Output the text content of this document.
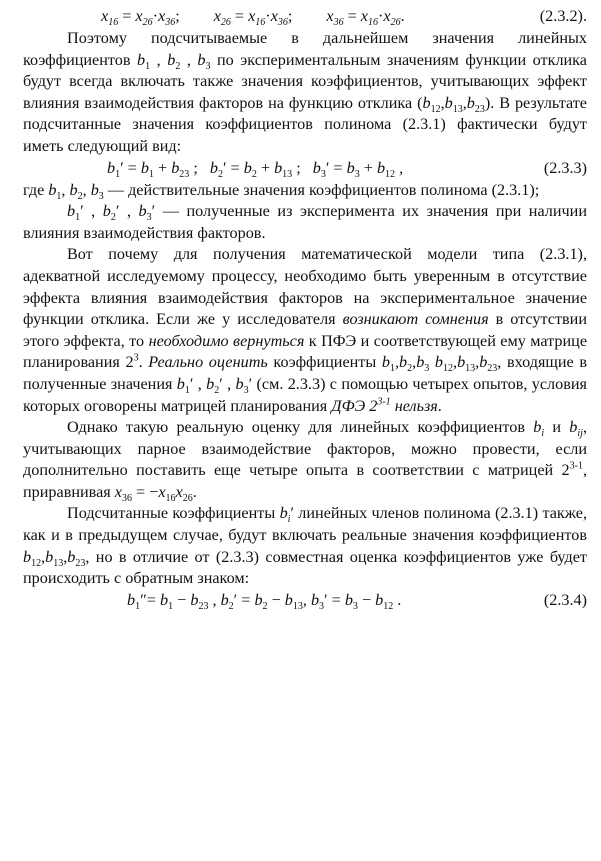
$x_{16} = x_{26}\cdot x_{36}$; $x_{26} = x_{16}\cdot x_{36}$; $x_{36} = x_{16}\cdot x_{26}$.	(2.3.2).

Поэтому подсчитываемые в дальнейшем значения линейных коэффициентов $b_1$ , $b_2$ , $b_3$ по экспериментальным значениям функции отклика будут всегда включать также значения коэффициентов, учитывающих эффект влияния взаимодействия факторов на функцию отклика $(b_{12},b_{13},b_{23})$. В результате подсчитанные значения коэффициентов полинома (2.3.1) фактически будут иметь следующий вид:

$b_1' = b_1 + b_{23}$ ; $b_2' = b_2 + b_{13}$ ; $b_3' = b_3 + b_{12}$ ,	(2.3.3)

где $b_1$, $b_2$, $b_3$ — действительные значения коэффициентов полинома (2.3.1);

$b_1'$ , $b_2'$ , $b_3'$ — полученные из эксперимента их значения при наличии влияния взаимодействия факторов.

Вот почему для получения математической модели типа (2.3.1), адекватной исследуемому процессу, необходимо быть уверенным в отсутствие эффекта влияния взаимодействия факторов на экспериментальное значение функции отклика. Если же у исследователя возникают сомнения в отсутствии этого эффекта, то необходимо вернуться к ПФЭ и соответствующей ему матрице планирования $2^3$. Реально оценить коэффициенты $b_1,b_2,b_3$ $b_{12},b_{13},b_{23}$, входящие в полученные значения $b_1'$ , $b_2'$ , $b_3'$ (см. 2.3.3) с помощью четырех опытов, условия которых оговорены матрицей планирования ДФЭ 2$^{3-1}$ нельзя.

Однако такую реальную оценку для линейных коэффициентов $b_i$ и $b_{ij}$, учитывающих парное взаимодействие факторов, можно провести, если дополнительно поставить еще четыре опыта в соответствии с матрицей 2$^{3-1}$, приравнивая $x_{36} = -x_{16}x_{26}$.

Подсчитанные коэффициенты $b_i'$ линейных членов полинома (2.3.1) также, как и в предыдущем случае, будут включать реальные значения коэффициентов $b_{12},b_{13},b_{23}$, но в отличие от (2.3.3) совместная оценка коэффициентов уже будет происходить с обратным знаком:

$b_1''= b_1 - b_{23}$ , $b_2' = b_2 - b_{13}$, $b_3' = b_3 - b_{12}$ .	(2.3.4)
